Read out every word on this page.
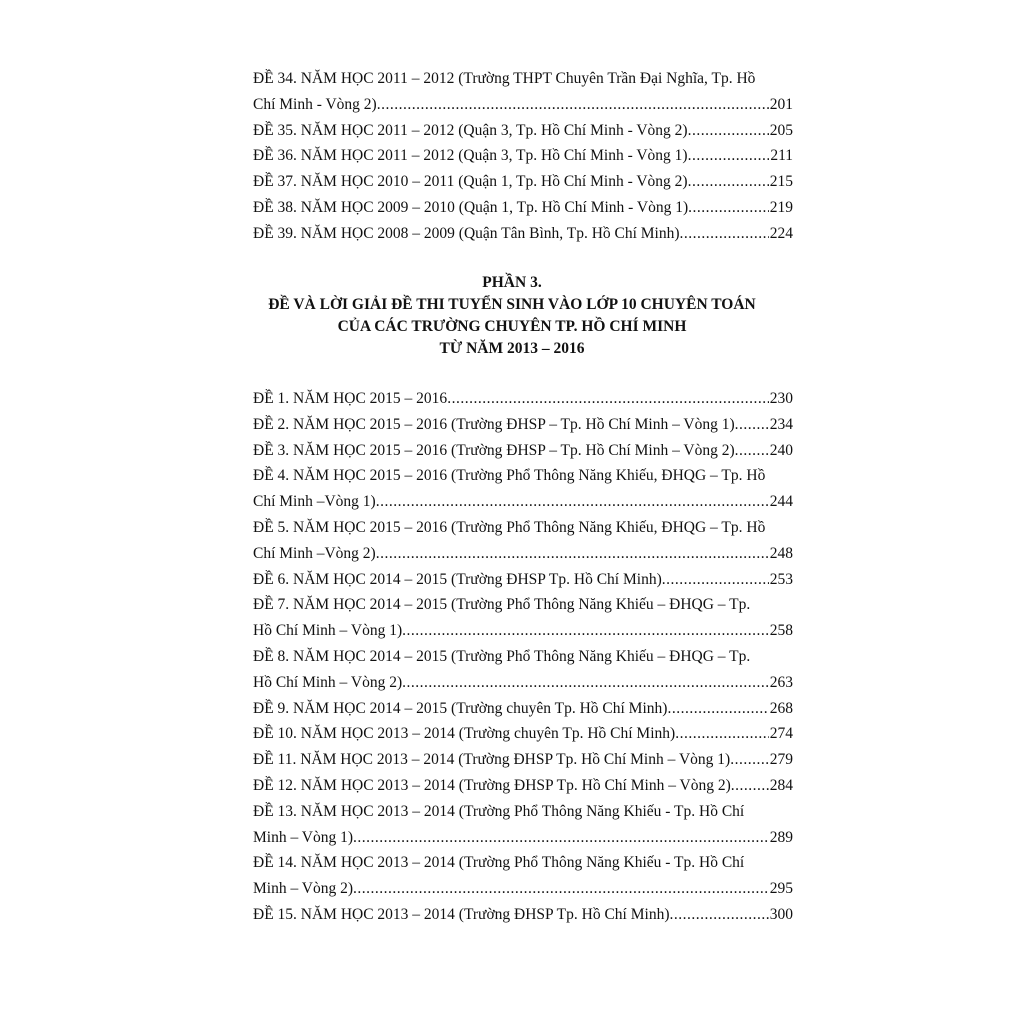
ĐỀ 34. NĂM HỌC 2011 – 2012 (Trường THPT Chuyên Trần Đại Nghĩa, Tp. Hồ
Chí Minh - Vòng 2) .....	201
ĐỀ 35. NĂM HỌC 2011 – 2012 (Quận 3, Tp. Hồ Chí Minh - Vòng 2) .....	205
ĐỀ 36. NĂM HỌC 2011 – 2012 (Quận 3, Tp. Hồ Chí Minh - Vòng 1) .....	211
ĐỀ 37. NĂM HỌC 2010 – 2011 (Quận 1, Tp. Hồ Chí Minh - Vòng 2) .....	215
ĐỀ 38. NĂM HỌC 2009 – 2010 (Quận 1, Tp. Hồ Chí Minh - Vòng 1) .....	219
ĐỀ 39. NĂM HỌC 2008 – 2009 (Quận Tân Bình, Tp. Hồ Chí Minh) .....	224
PHẦN 3.
ĐỀ VÀ LỜI GIẢI ĐỀ THI TUYỂN SINH VÀO LỚP 10 CHUYÊN TOÁN
CỦA CÁC TRƯỜNG CHUYÊN TP. HỒ CHÍ MINH
TỪ NĂM 2013 – 2016
ĐỀ 1. NĂM HỌC 2015 – 2016 .....	230
ĐỀ 2. NĂM HỌC 2015 – 2016 (Trường ĐHSP – Tp. Hồ Chí Minh – Vòng 1) ..... 234
ĐỀ 3. NĂM HỌC 2015 – 2016 (Trường ĐHSP – Tp. Hồ Chí Minh – Vòng 2) ..... 240
ĐỀ 4. NĂM HỌC 2015 – 2016 (Trường Phổ Thông Năng Khiếu, ĐHQG – Tp. Hồ
Chí Minh –Vòng 1) .....	244
ĐỀ 5. NĂM HỌC 2015 – 2016 (Trường Phổ Thông Năng Khiếu, ĐHQG – Tp. Hồ
Chí Minh –Vòng 2) .....	248
ĐỀ 6. NĂM HỌC 2014 – 2015 (Trường ĐHSP Tp. Hồ Chí Minh) .....	253
ĐỀ 7. NĂM HỌC 2014 – 2015 (Trường Phổ Thông Năng Khiếu – ĐHQG – Tp.
Hồ Chí Minh – Vòng 1) .....	258
ĐỀ 8. NĂM HỌC 2014 – 2015 (Trường Phổ Thông Năng Khiếu – ĐHQG – Tp.
Hồ Chí Minh – Vòng 2) .....	263
ĐỀ 9. NĂM HỌC 2014 – 2015 (Trường chuyên Tp. Hồ Chí Minh) .....	268
ĐỀ 10. NĂM HỌC 2013 – 2014 (Trường chuyên Tp. Hồ Chí Minh) .....	274
ĐỀ 11. NĂM HỌC 2013 – 2014 (Trường ĐHSP Tp. Hồ Chí Minh – Vòng 1) .....	279
ĐỀ 12. NĂM HỌC 2013 – 2014 (Trường ĐHSP Tp. Hồ Chí Minh – Vòng 2) .....	284
ĐỀ 13. NĂM HỌC 2013 – 2014 (Trường Phổ Thông Năng Khiếu - Tp. Hồ Chí
Minh – Vòng 1) .....	289
ĐỀ 14. NĂM HỌC 2013 – 2014 (Trường Phổ Thông Năng Khiếu - Tp. Hồ Chí
Minh – Vòng 2) .....	295
ĐỀ 15. NĂM HỌC 2013 – 2014 (Trường ĐHSP Tp. Hồ Chí Minh) .....	300
